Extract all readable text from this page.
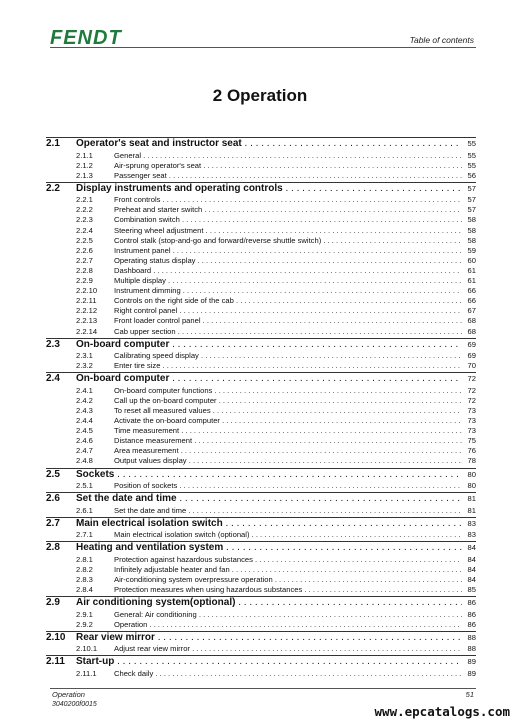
FENDT	Table of contents
2 Operation
2.1 Operator's seat and instructor seat . . .	55
2.1.1	General . . .	55
2.1.2	Air-sprung operator's seat . . .	55
2.1.3	Passenger seat . . .	56
2.2 Display instruments and operating controls . . .	57
2.2.1	Front controls . . .	57
2.2.2	Preheat and starter switch . . .	57
2.2.3	Combination switch . . .	58
2.2.4	Steering wheel adjustment . . .	58
2.2.5	Control stalk (stop-and-go and forward/reverse shuttle switch) . . .	58
2.2.6	Instrument panel . . .	59
2.2.7	Operating status display . . .	60
2.2.8	Dashboard . . .	61
2.2.9	Multiple display . . .	61
2.2.10 Instrument dimming . . .	66
2.2.11 Controls on the right side of the cab . . .	66
2.2.12 Right control panel . . .	67
2.2.13 Front loader control panel . . .	68
2.2.14 Cab upper section . . .	68
2.3 On-board computer . . .	69
2.3.1	Calibrating speed display . . .	69
2.3.2	Enter tire size . . .	70
2.4 On-board computer . . .	72
2.4.1	On-board computer functions . . .	72
2.4.2	Call up the on-board computer . . .	72
2.4.3	To reset all measured values . . .	73
2.4.4	Activate the on-board computer . . .	73
2.4.5	Time measurement . . .	73
2.4.6	Distance measurement . . .	75
2.4.7	Area measurement . . .	76
2.4.8	Output values display . . .	78
2.5 Sockets . . .	80
2.5.1	Position of sockets . . .	80
2.6 Set the date and time . . .	81
2.6.1	Set the date and time . . .	81
2.7 Main electrical isolation switch . . .	83
2.7.1	Main electrical isolation switch (optional) . . .	83
2.8 Heating and ventilation system . . .	84
2.8.1	Protection against hazardous substances . . .	84
2.8.2	Infinitely adjustable heater and fan . . .	84
2.8.3	Air-conditioning system overpressure operation . . .	84
2.8.4	Protection measures when using hazardous substances . . .	85
2.9 Air conditioning system(optional) . . .	86
2.9.1	General: Air conditioning . . .	86
2.9.2	Operation . . .	86
2.10 Rear view mirror . . .	88
2.10.1 Adjust rear view mirror . . .	88
2.11 Start-up . . .	89
2.11.1 Check daily . . .	89
Operation
3040200f0015
51
www.epcatalogs.com
